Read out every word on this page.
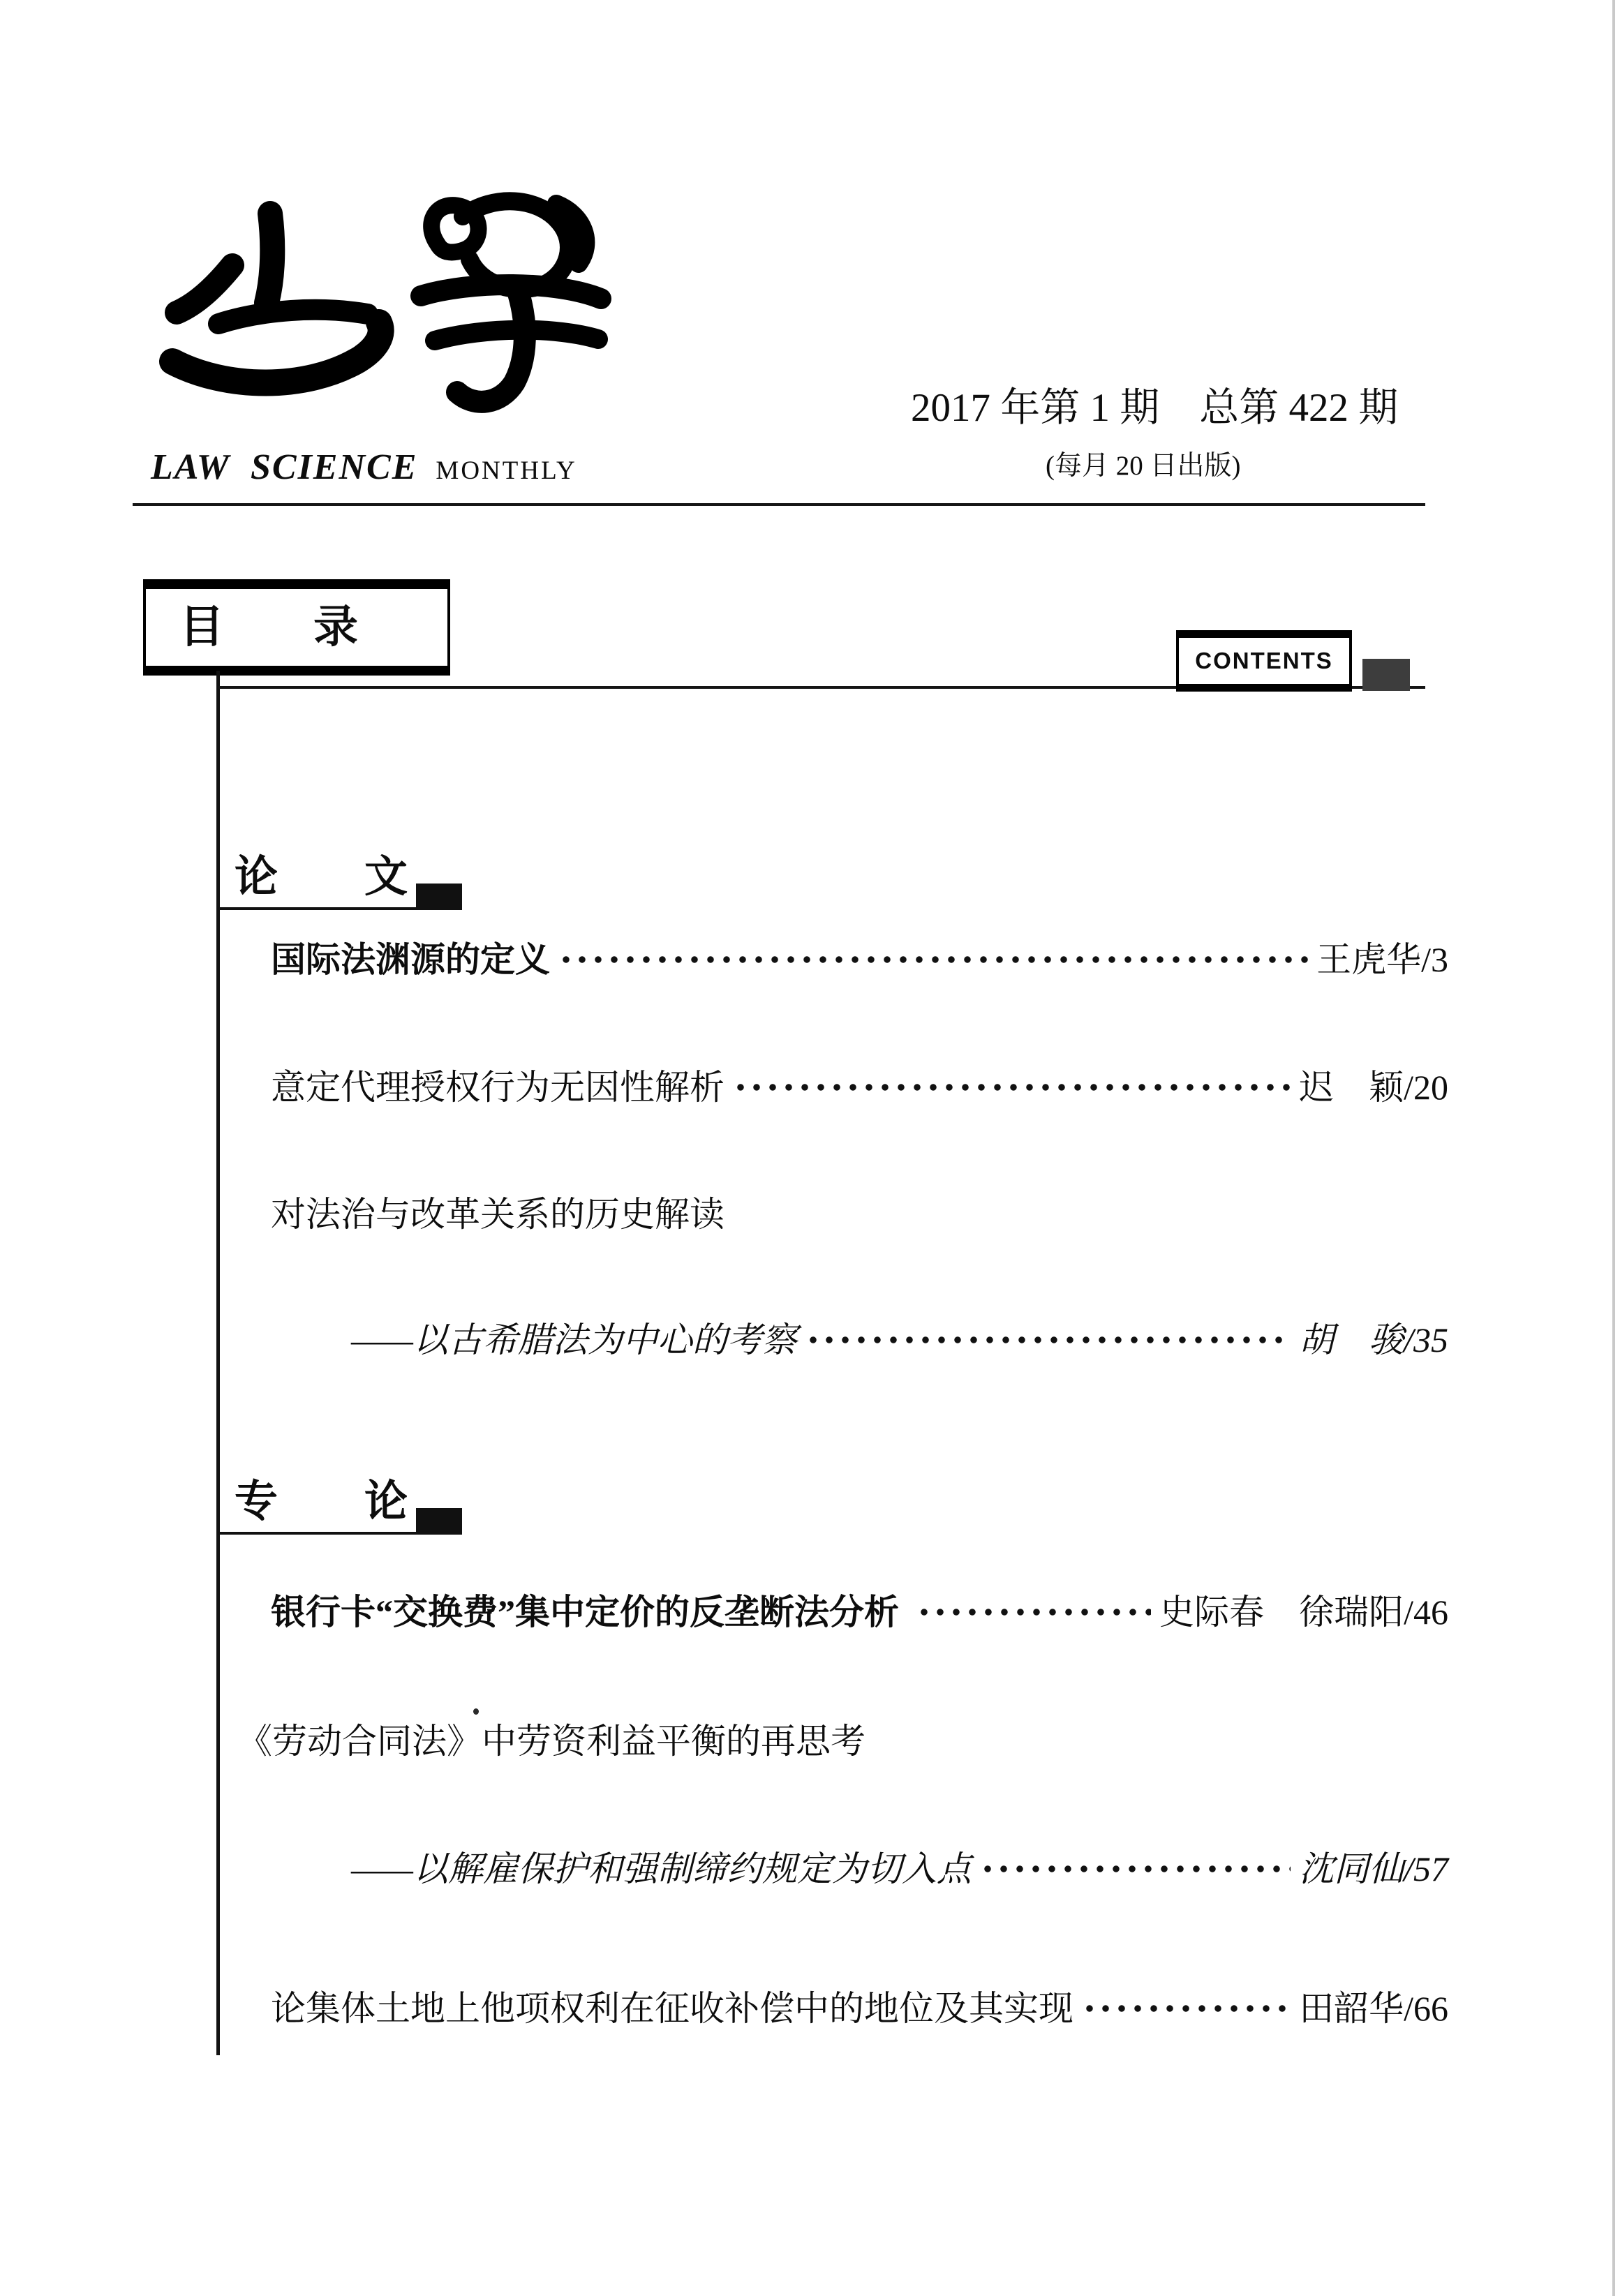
LAW  SCIENCE MONTHLY

2017 年第 1 期　总第 422 期
(每月 20 日出版)
目　　录
CONTENTS
论　　文
国际法渊源的定义	王虎华/3
意定代理授权行为无因性解析	迟　颖/20
对法治与改革关系的历史解读
——以古希腊法为中心的考察	胡　骏/35
专　　论
银行卡“交换费”集中定价的反垄断法分析	史际春　徐瑞阳/46
《劳动合同法》中劳资利益平衡的再思考
——以解雇保护和强制缔约规定为切入点	沈同仙/57
论集体土地上他项权利在征收补偿中的地位及其实现	田韶华/66
